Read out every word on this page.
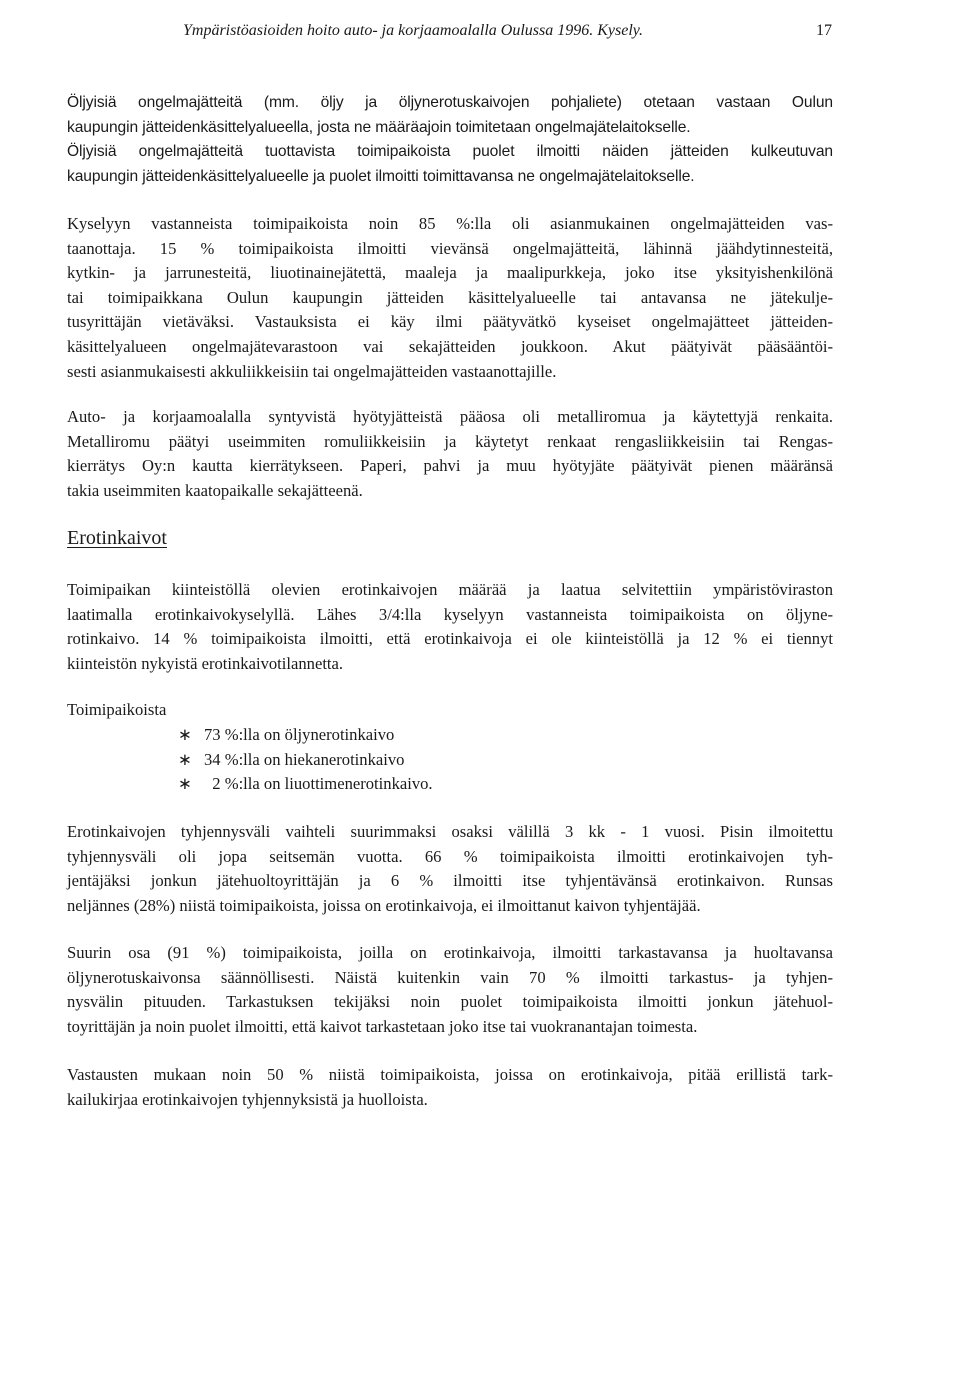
Ympäristöasioiden hoito auto- ja korjaamoalalla Oulussa 1996. Kysely.	17
Öljyisiä ongelmajätteitä (mm. öljy ja öljynerotuskaivojen pohjaliete) otetaan vastaan Oulun
kaupungin jätteidenkäsittelyalueella, josta ne määräajoin toimitetaan ongelmajätelaitokselle.
Öljyisiä ongelmajätteitä tuottavista toimipaikoista puolet ilmoitti näiden jätteiden kulkeutuvan
kaupungin jätteidenkäsittelyalueelle ja puolet ilmoitti toimittavansa ne ongelmajätelaitokselle.
Kyselyyn vastanneista toimipaikoista noin 85 %:lla oli asianmukainen ongelmajätteiden vas-
taanottaja. 15 % toimipaikoista ilmoitti vievänsä ongelmajätteitä, lähinnä jäähdytinnesteitä,
kytkin- ja jarrunesteitä, liuotinainejätettä, maaleja ja maalipurkkeja, joko itse yksityishenkilönä
tai toimipaikkana Oulun kaupungin jätteiden käsittelyalueelle tai antavansa ne jätekulje-
tusyrittäjän vietäväksi. Vastauksista ei käy ilmi päätyvätkö kyseiset ongelmajätteet jätteiden-
käsittelyalueen ongelmajätevarastoon vai sekajätteiden joukkoon. Akut päätyivät pääsääntöi-
sesti asianmukaisesti akkuliikkeisiin tai ongelmajätteiden vastaanottajille.
Auto- ja korjaamoalalla syntyvistä hyötyjätteistä pääosa oli metalliromua ja käytettyjä renkaita.
Metalliromu päätyi useimmiten romuliikkeisiin ja käytetyt renkaat rengasliikkeisiin tai Rengas-
kierrätys Oy:n kautta kierrätykseen. Paperi, pahvi ja muu hyötyjäte päätyivät pienen määränsä
takia useimmiten kaatopaikalle sekajätteenä.
Erotinkaivot
Toimipaikan kiinteistöllä olevien erotinkaivojen määrää ja laatua selvitettiin ympäristöviraston
laatimalla erotinkaivokyselyllä. Lähes 3/4:lla kyselyyn vastanneista toimipaikoista on öljyne-
rotinkaivo. 14 % toimipaikoista ilmoitti, että erotinkaivoja ei ole kiinteistöllä ja 12 % ei tiennyt
kiinteistön nykyistä erotinkaivotilannetta.
Toimipaikoista
∗ 73 %:lla on öljynerotinkaivo
∗ 34 %:lla on hiekanerotinkaivo
∗  2 %:lla on liuottimenerotinkaivo.
Erotinkaivojen tyhjennysväli vaihteli suurimmaksi osaksi välillä 3 kk - 1 vuosi. Pisin ilmoitettu
tyhjennysväli oli jopa seitsemän vuotta. 66 % toimipaikoista ilmoitti erotinkaivojen tyh-
jentäjäksi jonkun jätehuoltoyrittäjän ja 6 % ilmoitti itse tyhjentävänsä erotinkaivon. Runsas
neljännes (28%) niistä toimipaikoista, joissa on erotinkaivoja, ei ilmoittanut kaivon tyhjentäjää.
Suurin osa (91 %) toimipaikoista, joilla on erotinkaivoja, ilmoitti tarkastavansa ja huoltavansa
öljynerotuskaivonsa säännöllisesti. Näistä kuitenkin vain 70 % ilmoitti tarkastus- ja tyhjen-
nysvälin pituuden. Tarkastuksen tekijäksi noin puolet toimipaikoista ilmoitti jonkun jätehuol-
toyrittäjän ja noin puolet ilmoitti, että kaivot tarkastetaan joko itse tai vuokranantajan toimesta.
Vastausten mukaan noin 50 % niistä toimipaikoista, joissa on erotinkaivoja, pitää erillistä tark-
kailukirjaa erotinkaivojen tyhjennyksistä ja huolloista.
